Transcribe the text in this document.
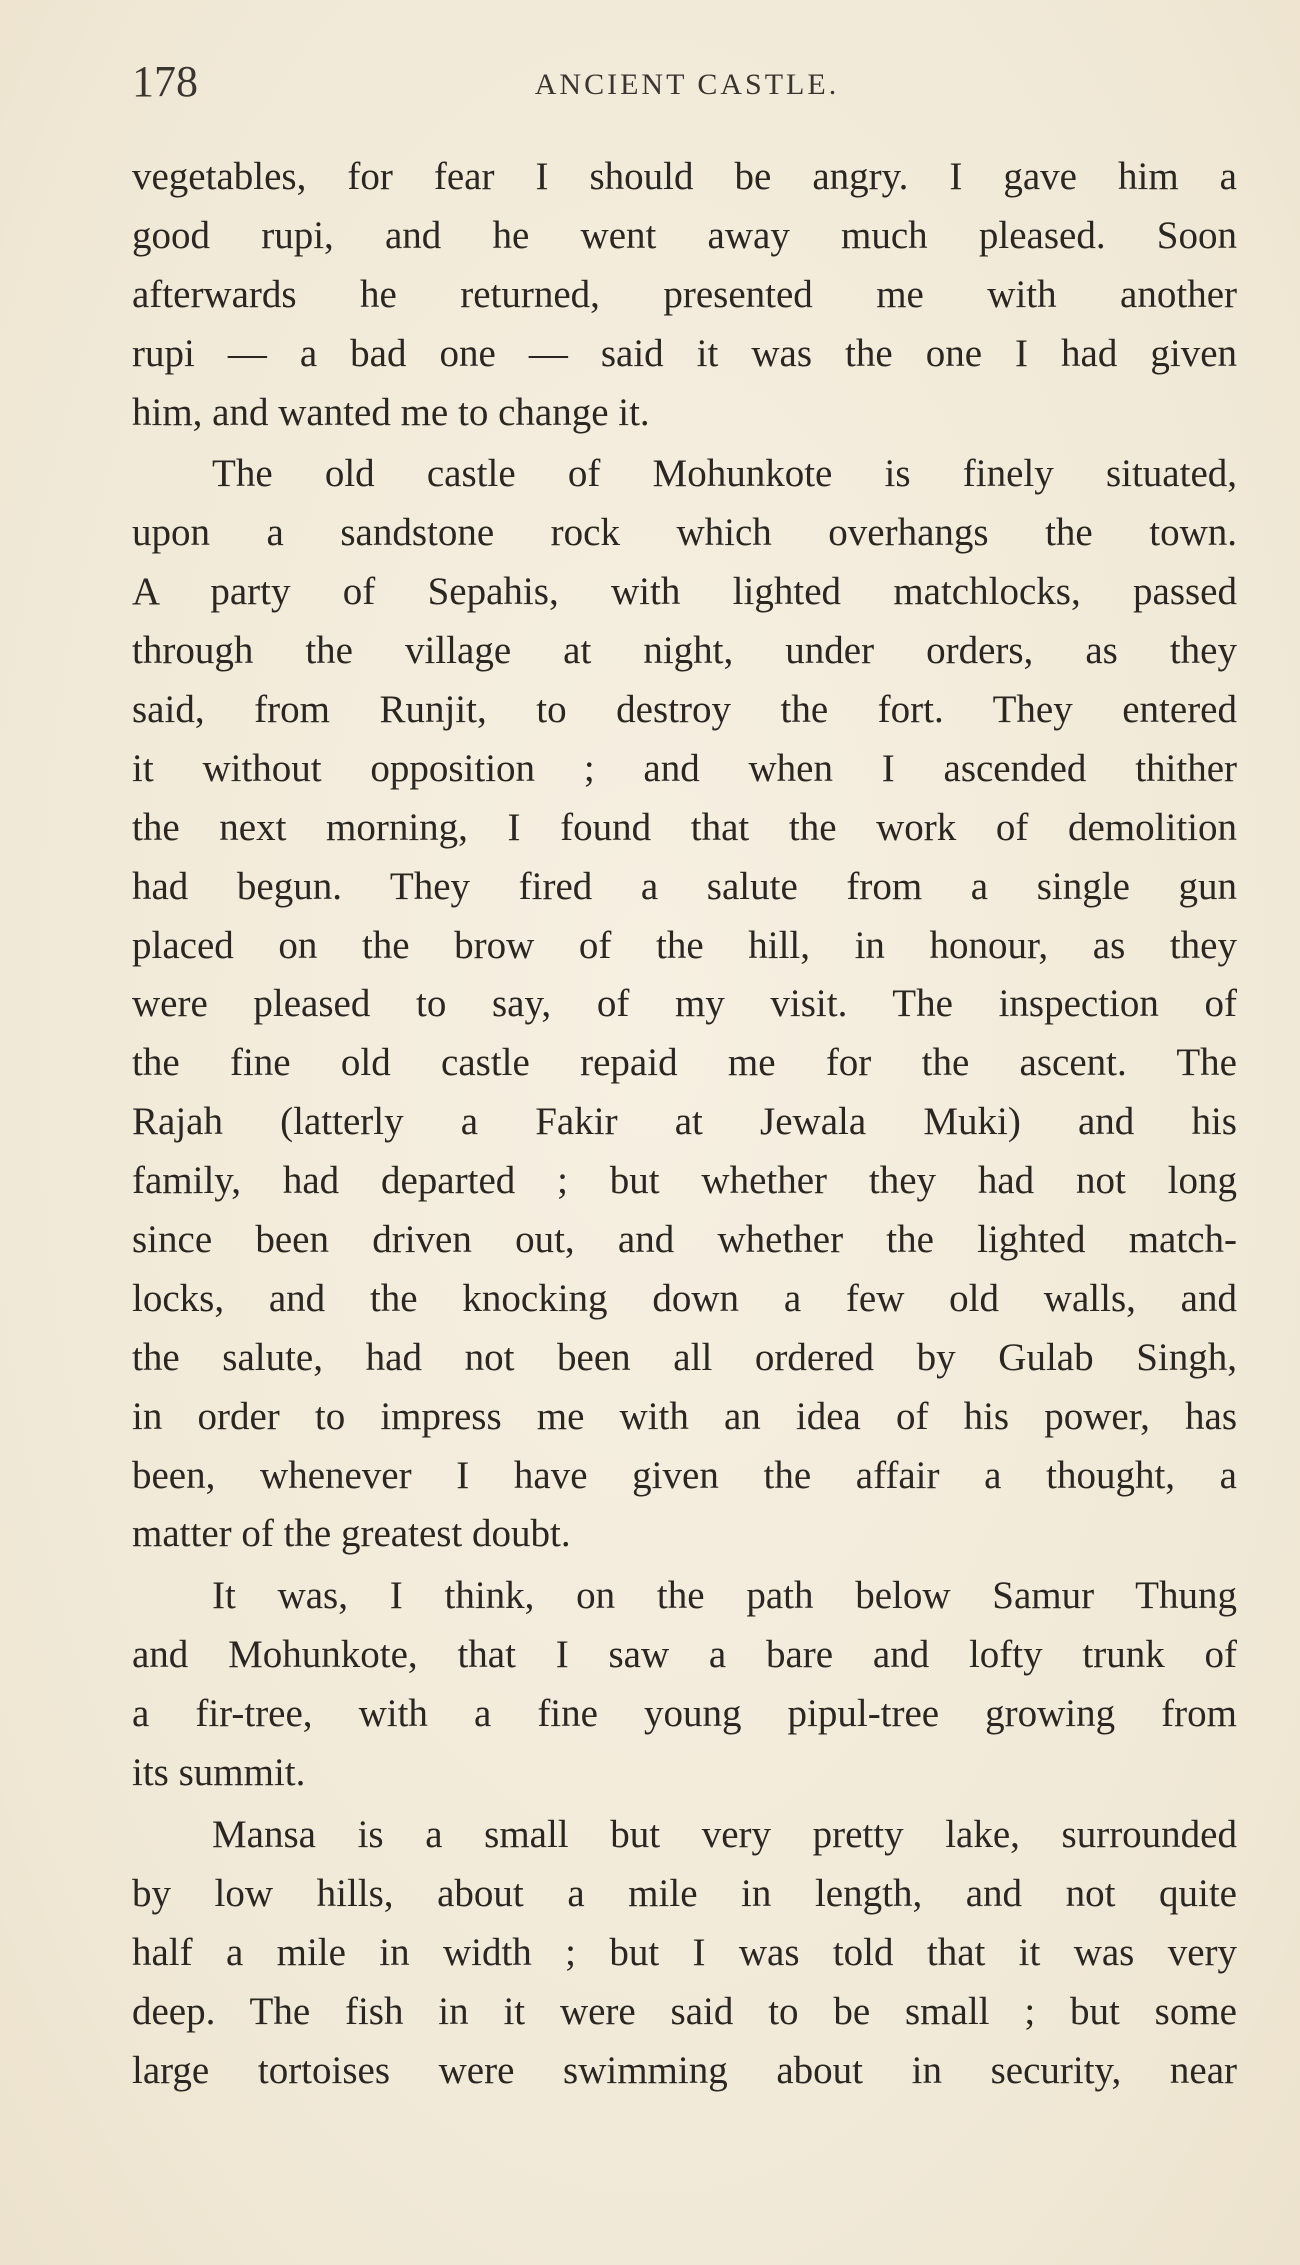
178	ANCIENT CASTLE.
vegetables, for fear I should be angry. I gave him a
good rupi, and he went away much pleased. Soon
afterwards he returned, presented me with another
rupi — a bad one — said it was the one I had given
him, and wanted me to change it.
The old castle of Mohunkote is finely situated,
upon a sandstone rock which overhangs the town.
A party of Sepahis, with lighted matchlocks, passed
through the village at night, under orders, as they
said, from Runjit, to destroy the fort. They entered
it without opposition ; and when I ascended thither
the next morning, I found that the work of demolition
had begun. They fired a salute from a single gun
placed on the brow of the hill, in honour, as they
were pleased to say, of my visit. The inspection of
the fine old castle repaid me for the ascent. The
Rajah (latterly a Fakir at Jewala Muki) and his
family, had departed ; but whether they had not long
since been driven out, and whether the lighted match-
locks, and the knocking down a few old walls, and
the salute, had not been all ordered by Gulab Singh,
in order to impress me with an idea of his power, has
been, whenever I have given the affair a thought, a
matter of the greatest doubt.
It was, I think, on the path below Samur Thung
and Mohunkote, that I saw a bare and lofty trunk of
a fir-tree, with a fine young pipul-tree growing from
its summit.
Mansa is a small but very pretty lake, surrounded
by low hills, about a mile in length, and not quite
half a mile in width ; but I was told that it was very
deep. The fish in it were said to be small ; but some
large tortoises were swimming about in security, near
